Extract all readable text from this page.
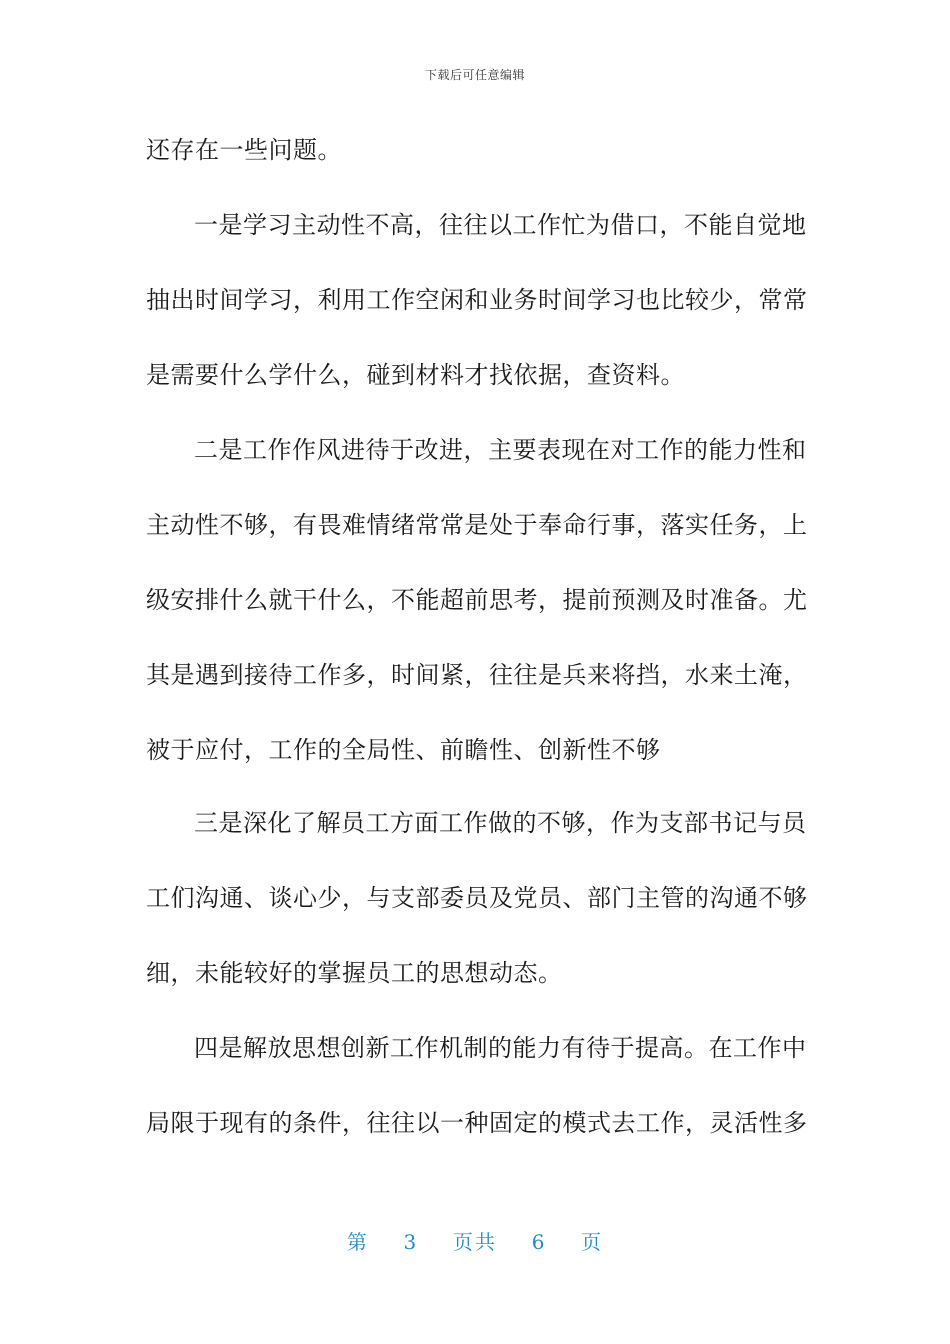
下载后可任意编辑
还存在一些问题。
一是学习主动性不高，往往以工作忙为借口，不能自觉地
抽出时间学习，利用工作空闲和业务时间学习也比较少，常常
是需要什么学什么，碰到材料才找依据，查资料。
二是工作作风进待于改进，主要表现在对工作的能力性和
主动性不够，有畏难情绪常常是处于奉命行事，落实任务，上
级安排什么就干什么，不能超前思考，提前预测及时准备。尤
其是遇到接待工作多，时间紧，往往是兵来将挡，水来土淹，
被于应付，工作的全局性、前瞻性、创新性不够
三是深化了解员工方面工作做的不够，作为支部书记与员
工们沟通、谈心少，与支部委员及党员、部门主管的沟通不够
细，未能较好的掌握员工的思想动态。
四是解放思想创新工作机制的能力有待于提高。在工作中
局限于现有的条件，往往以一种固定的模式去工作，灵活性多
第 3 页共 6 页
